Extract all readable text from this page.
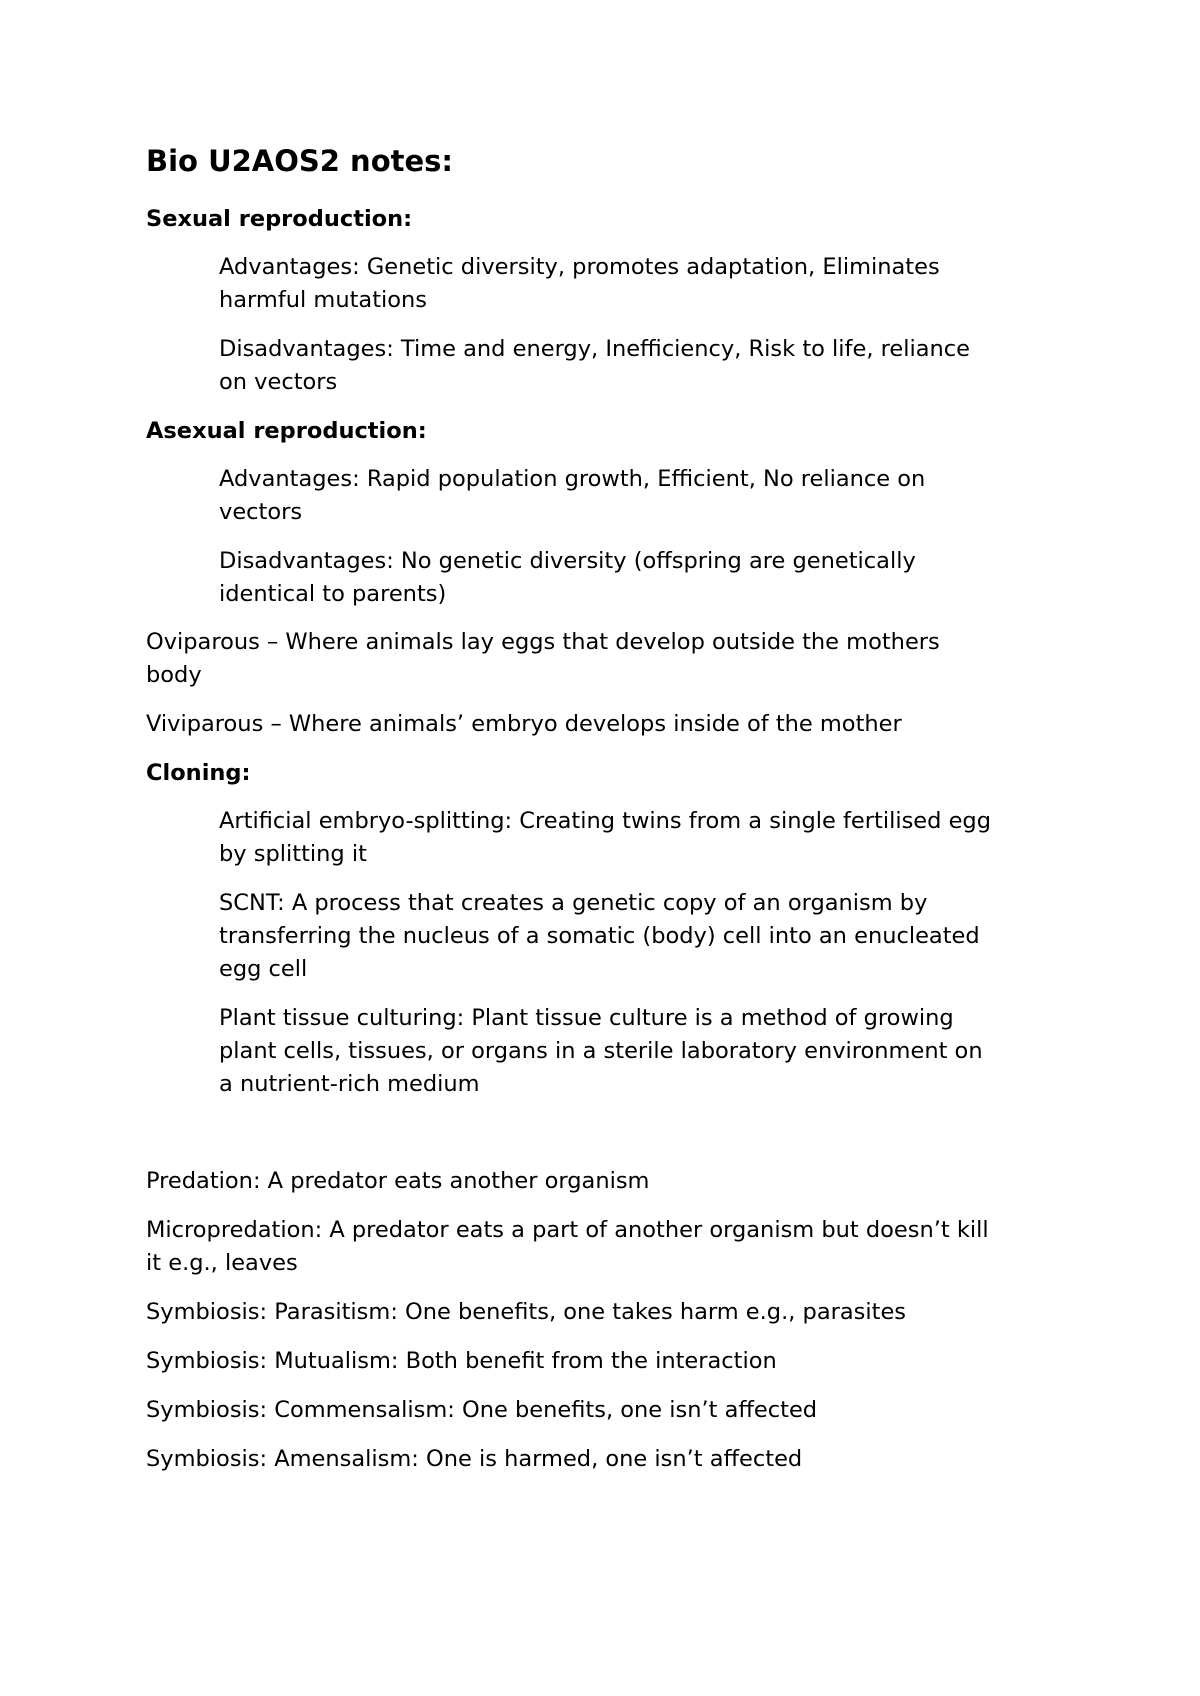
Bio U2AOS2 notes:
Sexual reproduction:
Advantages: Genetic diversity, promotes adaptation, Eliminates
harmful mutations
Disadvantages: Time and energy, Inefficiency, Risk to life, reliance
on vectors
Asexual reproduction:
Advantages: Rapid population growth, Efficient, No reliance on
vectors
Disadvantages: No genetic diversity (offspring are genetically
identical to parents)
Oviparous – Where animals lay eggs that develop outside the mothers
body
Viviparous – Where animals’ embryo develops inside of the mother
Cloning:
Artificial embryo-splitting: Creating twins from a single fertilised egg
by splitting it
SCNT: A process that creates a genetic copy of an organism by
transferring the nucleus of a somatic (body) cell into an enucleated
egg cell
Plant tissue culturing: Plant tissue culture is a method of growing
plant cells, tissues, or organs in a sterile laboratory environment on
a nutrient-rich medium
Predation: A predator eats another organism
Micropredation: A predator eats a part of another organism but doesn’t kill
it e.g., leaves
Symbiosis: Parasitism: One benefits, one takes harm e.g., parasites
Symbiosis: Mutualism: Both benefit from the interaction
Symbiosis: Commensalism: One benefits, one isn’t affected
Symbiosis: Amensalism: One is harmed, one isn’t affected
